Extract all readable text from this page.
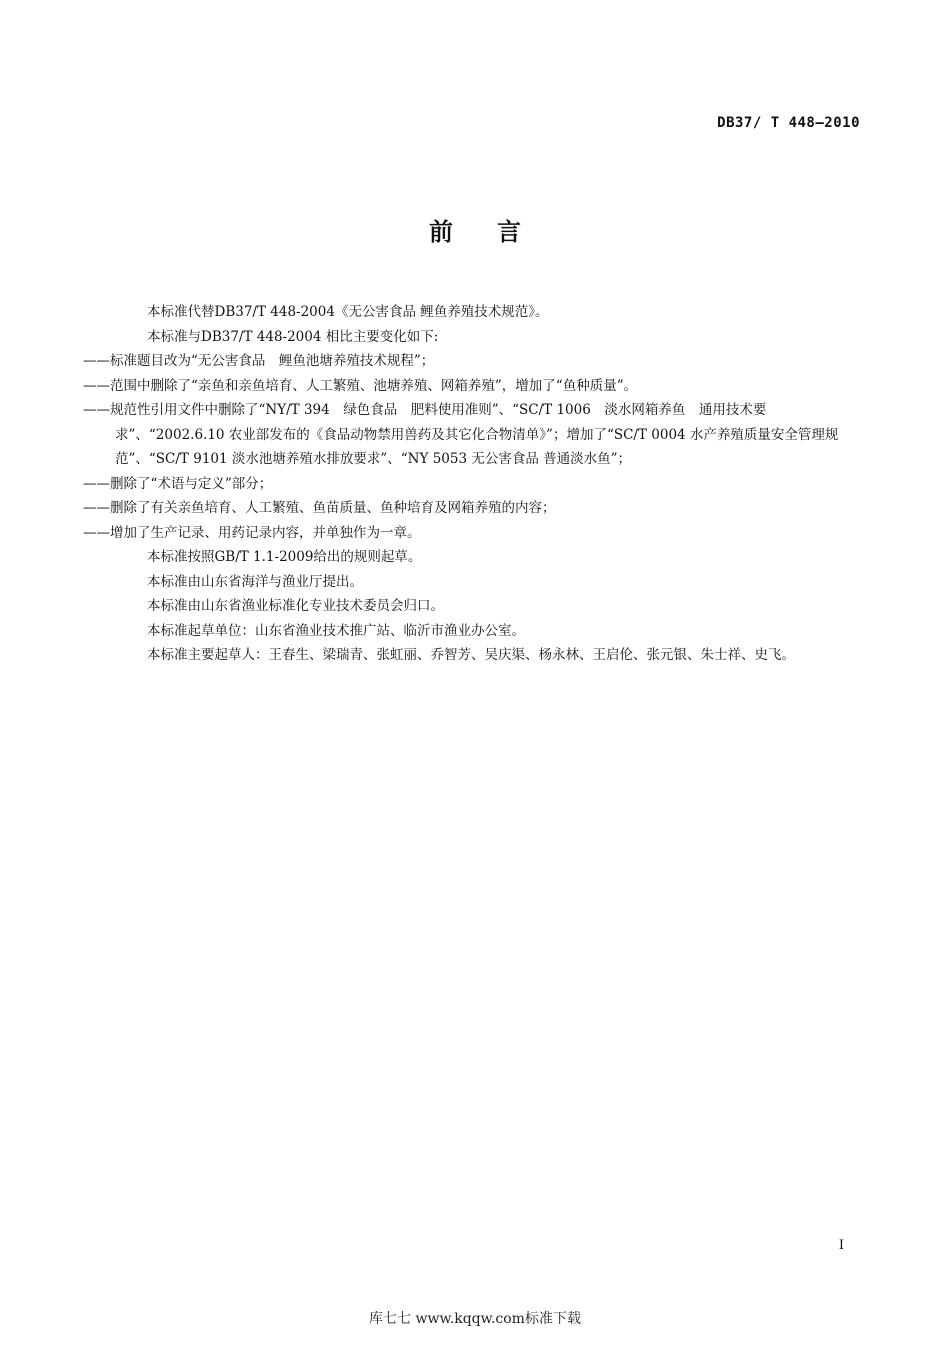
DB37/ T 448—2010
前言

本标准代替DB37/T 448-2004《无公害食品 鲤鱼养殖技术规范》。

本标准与DB37/T 448-2004 相比主要变化如下:

——标准题目改为“无公害食品　鲤鱼池塘养殖技术规程”；

——范围中删除了“亲鱼和亲鱼培育、人工繁殖、池塘养殖、网箱养殖”，增加了“鱼种质量”。

——规范性引用文件中删除了“NY/T 394　绿色食品　肥料使用准则”、“SC/T 1006　淡水网箱养鱼　通用技术要求”、“2002.6.10 农业部发布的《食品动物禁用兽药及其它化合物清单》”；增加了“SC/T 0004 水产养殖质量安全管理规范”、“SC/T 9101 淡水池塘养殖水排放要求”、“NY 5053 无公害食品 普通淡水鱼”；

——删除了“术语与定义”部分；

——删除了有关亲鱼培育、人工繁殖、鱼苗质量、鱼种培育及网箱养殖的内容；

——增加了生产记录、用药记录内容，并单独作为一章。

本标准按照GB/T 1.1-2009给出的规则起草。

本标准由山东省海洋与渔业厅提出。

本标准由山东省渔业标准化专业技术委员会归口。

本标准起草单位：山东省渔业技术推广站、临沂市渔业办公室。

本标准主要起草人：王春生、梁瑞青、张虹丽、乔智芳、吴庆渠、杨永林、王启伦、张元银、朱士祥、史飞。

I
库七七 www.kqqw.com标准下载
